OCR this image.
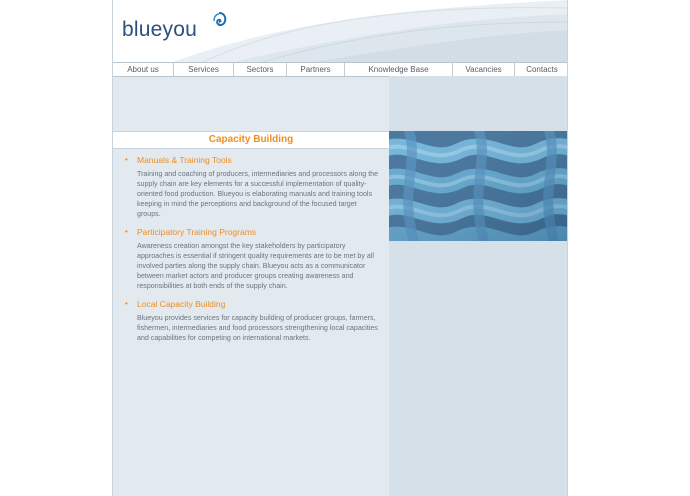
blueyou
About us	Services	Sectors	Partners	Knowledge Base	Vacancies	Contacts
Capacity Building
• Manuals & Training Tools
Training and coaching of producers, intermediaries and processors along the supply chain are key elements for a successful implementation of quality-oriented food production. Blueyou is elaborating manuals and training tools keeping in mind the perceptions and background of the focused target groups.
• Participatory Training Programs
Awareness creation amongst the key stakeholders by participatory approaches is essential if stringent quality requirements are to be met by all involved parties along the supply chain. Blueyou acts as a communicator between market actors and producer groups creating awareness and responsibilities at both ends of the supply chain.
• Local Capacity Building
Blueyou provides services for capacity building of producer groups, farmers, fishermen, intermediaries and food processors strengthening local capacities and capabilities for competing on international markets.
